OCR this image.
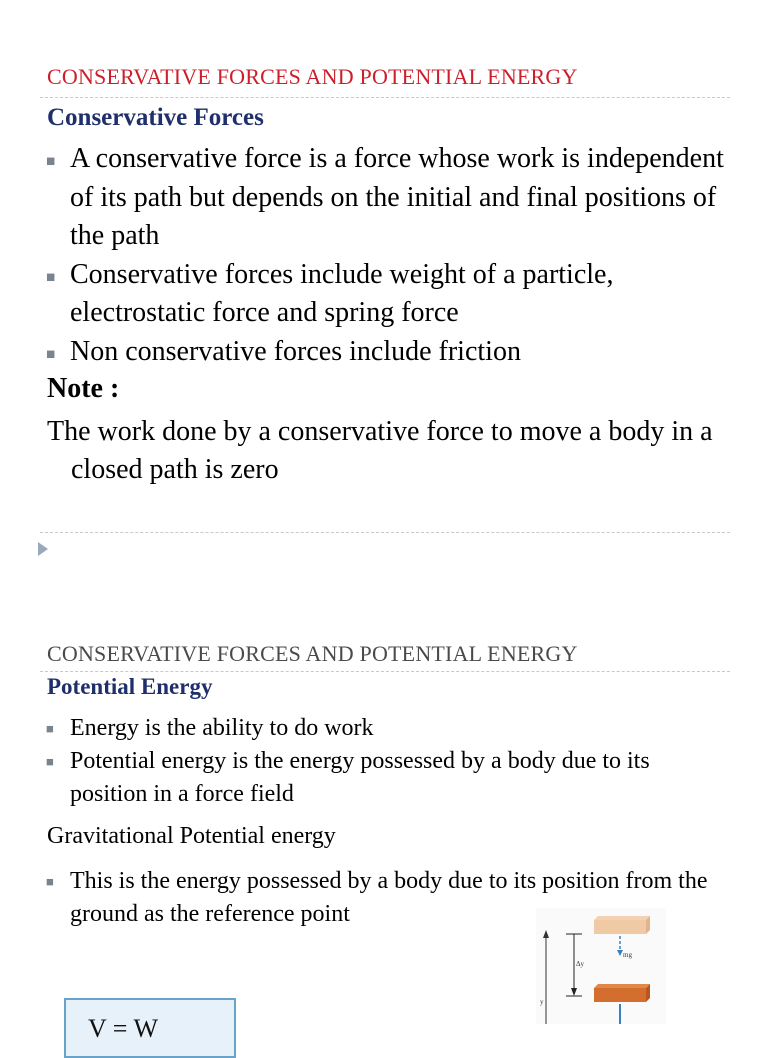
CONSERVATIVE FORCES AND POTENTIAL ENERGY
Conservative Forces
■ A conservative force is a force whose work is independent of its path but depends on the initial and final positions of the path
■ Conservative forces include weight of a particle, electrostatic force and spring force
■ Non conservative forces include friction
Note :
The work done by a conservative force to move a body in a closed path is zero
CONSERVATIVE FORCES AND POTENTIAL ENERGY
Potential Energy
■ Energy is the ability to do work
■ Potential energy is the energy possessed by a body due to its position in a force field
Gravitational Potential energy
■ This is the energy possessed by a body due to its position from the ground as the reference point
Δy
y
mg
V = W
